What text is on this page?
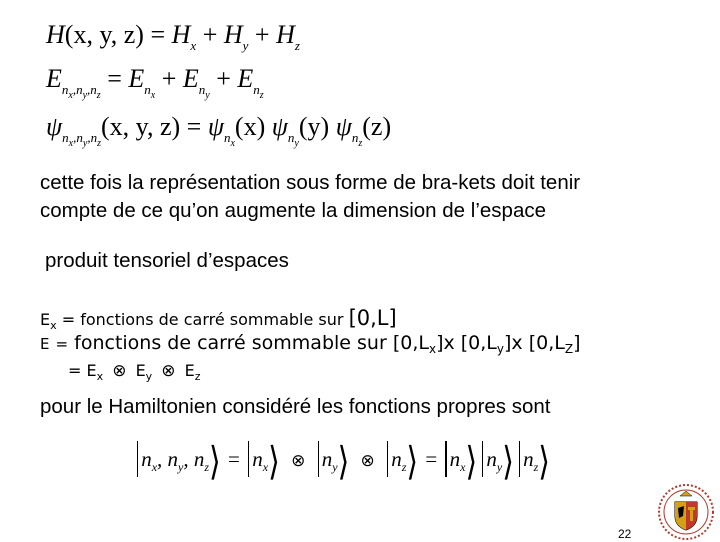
H(x, y, $z) = H_x + H_y + H_z$
$E_{n_x,n_y,n_z} = E_{n_x} + E_{n_y} + E_{n_z}$
$\psi_{n_x,n_y,n_z}(x$, y, $z) = \psi_{n_x}(x)$ $\psi_{n_y}(y)$ $\psi_{n_z}(z)$
cette fois la représentation sous forme de bra-kets doit tenir
compte de ce qu’on augmente la dimension de l’espace
produit tensoriel d’espaces
$E_x$ = fonctions de carré sommable sur [0,L]
E = fonctions de carré sommable sur $[0,L_x]x$ $[0,L_y]x$ $[0,L_Z]$
= $E_x$ ⊗ $E_y$ ⊗ $E_z$
pour le Hamiltonien considéré les fonctions propres sont
$n_x$, $n_y$, $n_z⟩$ = $n_x⟩$ ⊗ $n_y⟩$ ⊗ $n_z⟩$ = $n_x⟩$ $n_y⟩$ $n_z⟩$
22
